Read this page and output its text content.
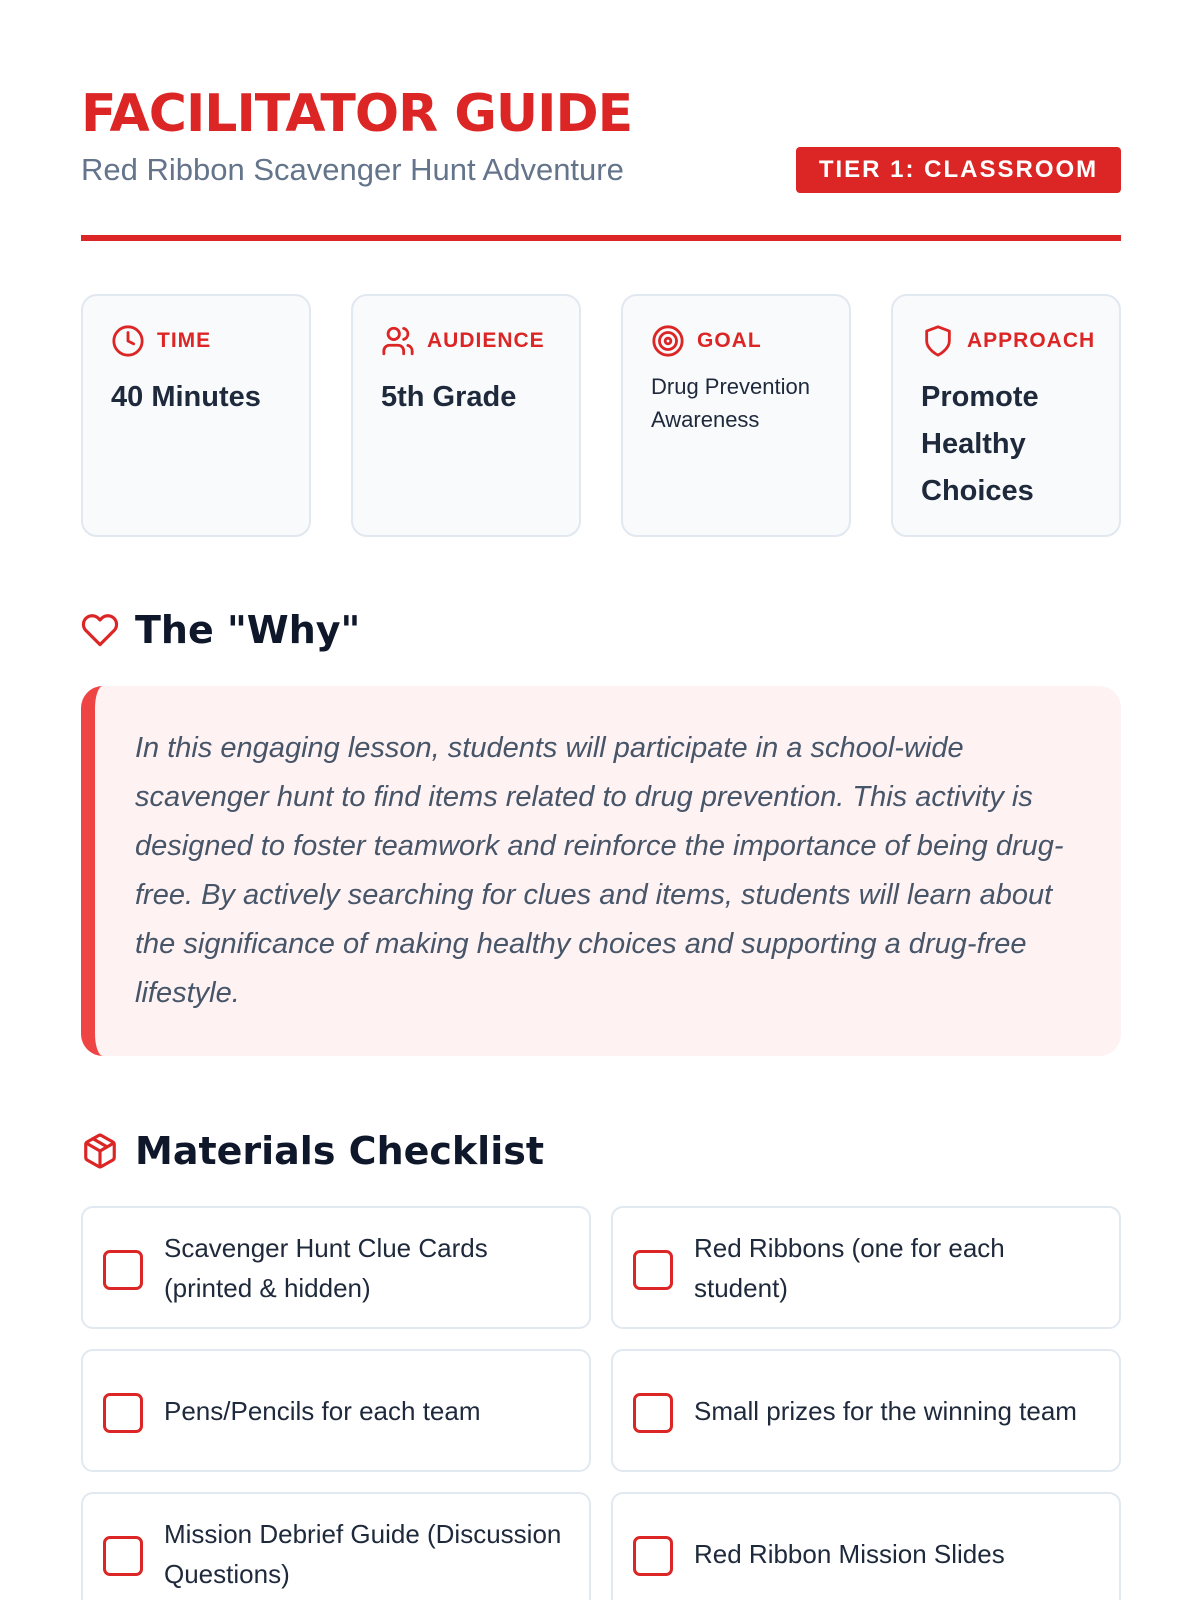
FACILITATOR GUIDE
Red Ribbon Scavenger Hunt Adventure	TIER 1: CLASSROOM
TIME
40 Minutes
AUDIENCE
5th Grade
GOAL
Drug Prevention Awareness
APPROACH
Promote Healthy Choices
The "Why"

In this engaging lesson, students will participate in a school-wide scavenger hunt to find items related to drug prevention. This activity is designed to foster teamwork and reinforce the importance of being drug-free. By actively searching for clues and items, students will learn about the significance of making healthy choices and supporting a drug-free lifestyle.

Materials Checklist
Scavenger Hunt Clue Cards (printed & hidden)
Red Ribbons (one for each student)
Pens/Pencils for each team	Small prizes for the winning team
Mission Debrief Guide (Discussion Questions)
Red Ribbon Mission Slides
